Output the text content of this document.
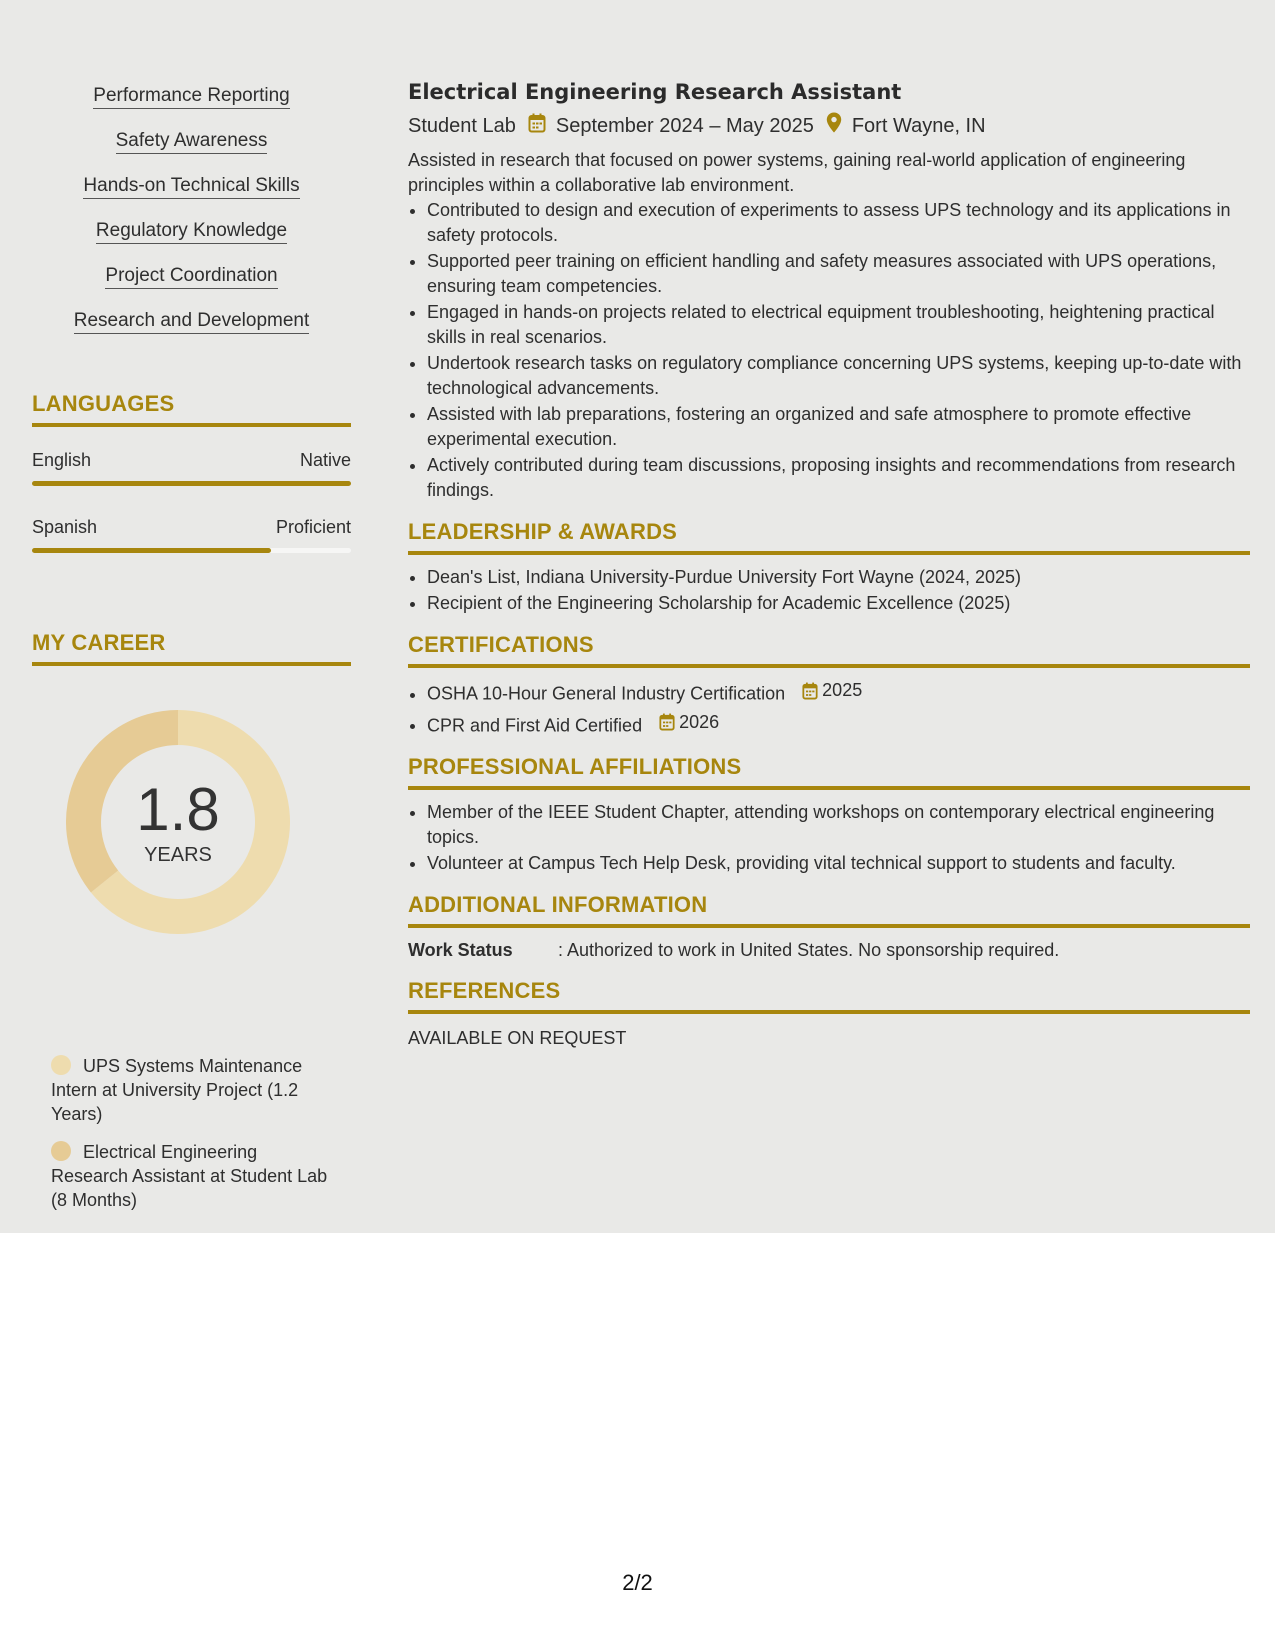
Performance Reporting
Safety Awareness
Hands-on Technical Skills
Regulatory Knowledge
Project Coordination
Research and Development
LANGUAGES
English	Native
Spanish	Proficient
MY CAREER
1.8
YEARS
UPS Systems Maintenance Intern at University Project (1.2 Years)
Electrical Engineering Research Assistant at Student Lab (8 Months)
Electrical Engineering Research Assistant
Student Lab September 2024 – May 2025 Fort Wayne, IN
Assisted in research that focused on power systems, gaining real-world application of engineering principles within a collaborative lab environment.
• Contributed to design and execution of experiments to assess UPS technology and its applications in safety protocols.
• Supported peer training on efficient handling and safety measures associated with UPS operations, ensuring team competencies.
• Engaged in hands-on projects related to electrical equipment troubleshooting, heightening practical skills in real scenarios.
• Undertook research tasks on regulatory compliance concerning UPS systems, keeping up-to-date with technological advancements.
• Assisted with lab preparations, fostering an organized and safe atmosphere to promote effective experimental execution.
• Actively contributed during team discussions, proposing insights and recommendations from research findings.
LEADERSHIP & AWARDS
• Dean's List, Indiana University-Purdue University Fort Wayne (2024, 2025)
• Recipient of the Engineering Scholarship for Academic Excellence (2025)
CERTIFICATIONS
• OSHA 10-Hour General Industry Certification 2025
• CPR and First Aid Certified 2026
PROFESSIONAL AFFILIATIONS
• Member of the IEEE Student Chapter, attending workshops on contemporary electrical engineering topics.
• Volunteer at Campus Tech Help Desk, providing vital technical support to students and faculty.
ADDITIONAL INFORMATION
Work Status	: Authorized to work in United States. No sponsorship required.
REFERENCES
AVAILABLE ON REQUEST
2/2
